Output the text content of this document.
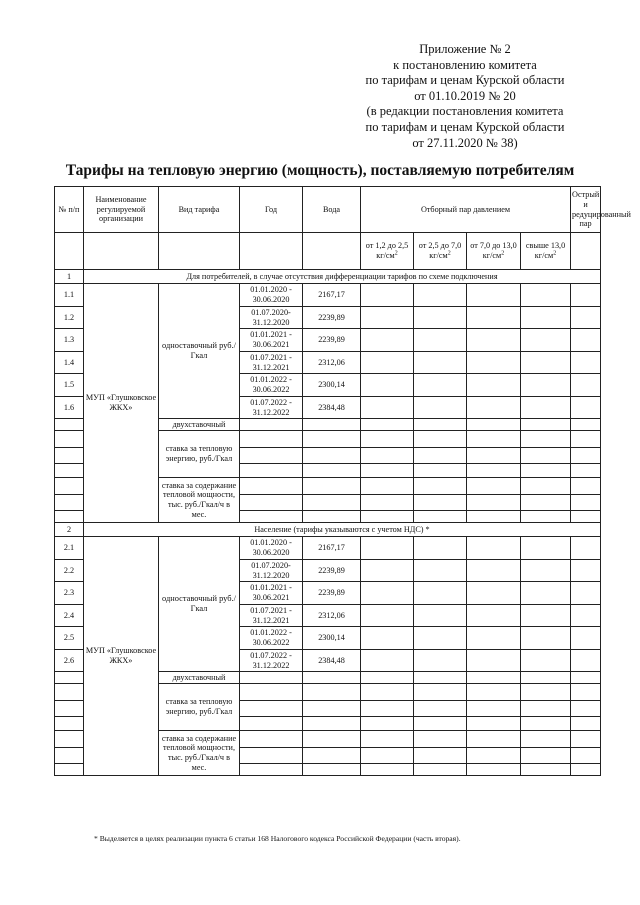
Приложение № 2
к постановлению комитета
по тарифам и ценам Курской области
от 01.10.2019 № 20
(в редакции постановления комитета
по тарифам и ценам Курской области
от 27.11.2020 № 38)
Тарифы на тепловую энергию (мощность), поставляемую потребителям
№ п/п	Наименование регулируемой организации	Вид тарифа	Год	Вода	Отборный пар давлением				Острый и редуцированный пар
					от 1,2 до 2,5 $кг/см^2$	от 2,5 до 7,0 $кг/см^2$	от 7,0 до 13,0 $кг/см^2$	свыше 13,0 $кг/см^2$	
1	Для потребителей, в случае отсутствия дифференциации тарифов по схеме подключения								
1.1	МУП «Глушковское ЖКХ»	одноставочный руб./Гкал	01.01.2020 - 30.06.2020	2167,17					
1.2			01.07.2020- 31.12.2020	2239,89					
1.3			01.01.2021 - 30.06.2021	2239,89					
1.4			01.07.2021 - 31.12.2021	2312,06					
1.5			01.01.2022 - 30.06.2022	2300,14					
1.6			01.07.2022 - 31.12.2022	2384,48					
		двухставочный							
		ставка за тепловую энергию, руб./Гкал							

		ставка за содержание тепловой мощности, тыс. руб./Гкал/ч в мес.							

2	Население (тарифы указываются с учетом НДС) *								
2.1	МУП «Глушковское ЖКХ»	одноставочный руб./Гкал	01.01.2020 - 30.06.2020	2167,17					
2.2			01.07.2020- 31.12.2020	2239,89					
2.3			01.01.2021 - 30.06.2021	2239,89					
2.4			01.07.2021 - 31.12.2021	2312,06					
2.5			01.01.2022 - 30.06.2022	2300,14					
2.6			01.07.2022 - 31.12.2022	2384,48					
		двухставочный							
		ставка за тепловую энергию, руб./Гкал							

		ставка за содержание тепловой мощности, тыс. руб./Гкал/ч в мес.							

* Выделяется в целях реализации пункта 6 статьи 168 Налогового кодекса Российской Федерации (часть вторая).
